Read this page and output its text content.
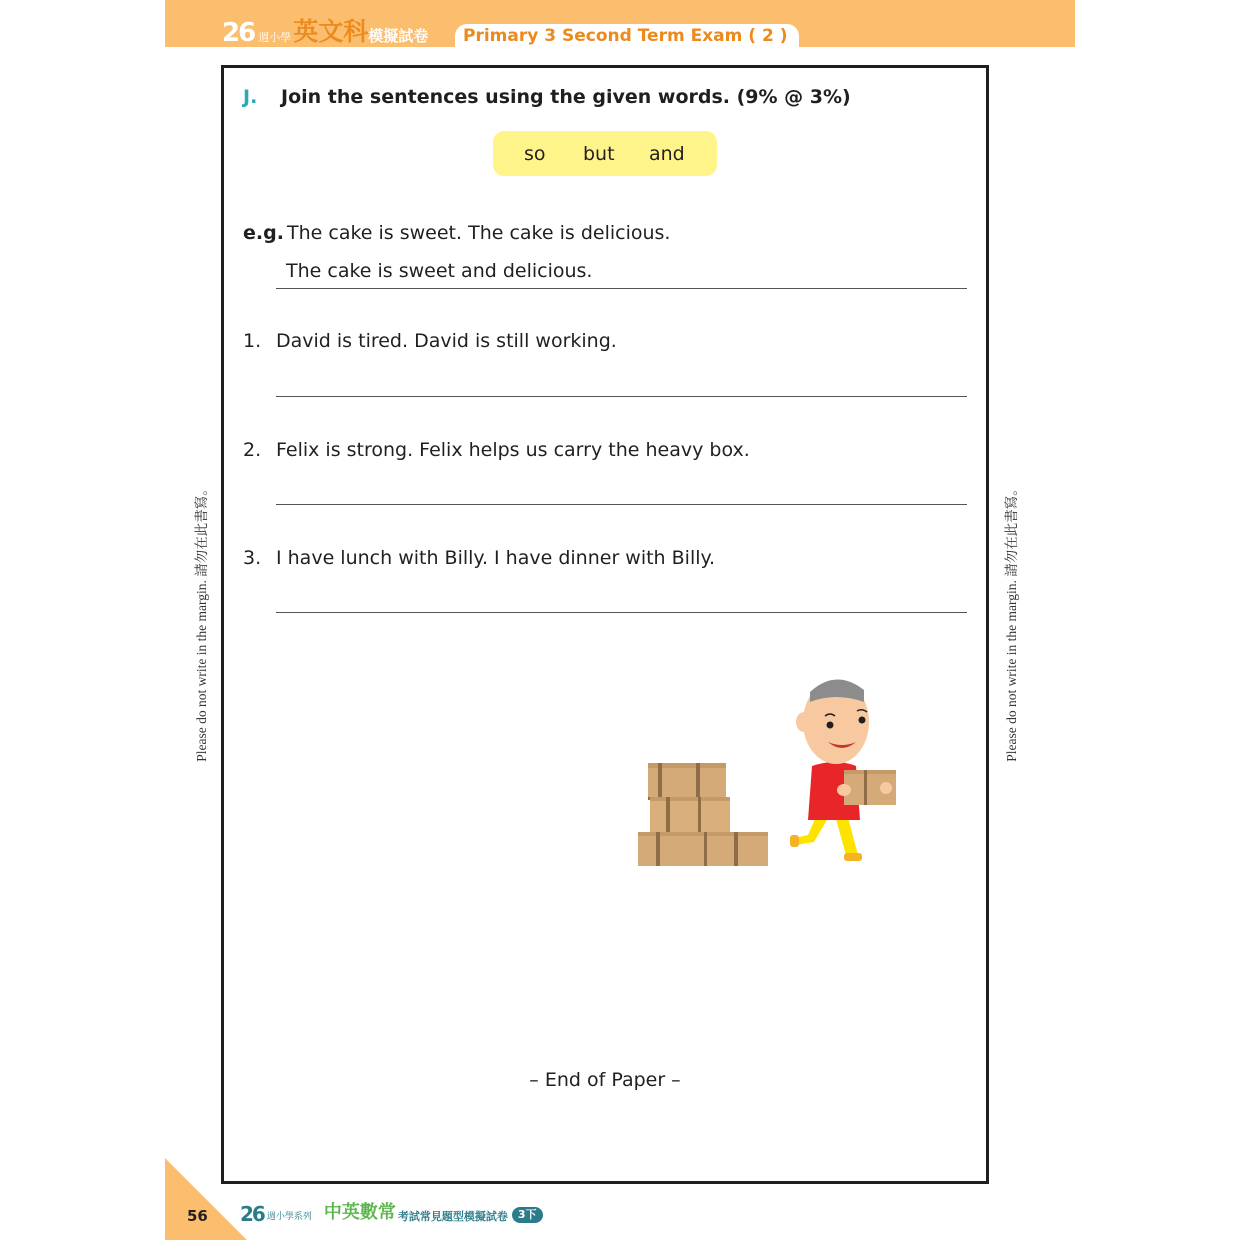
26 週小學 英文科 模擬試卷 Primary 3 Second Term Exam ( 2 )
Please do not write in the margin. 請勿在此書寫。	Please do not write in the margin. 請勿在此書寫。
J. Join the sentences using the given words. (9% @ 3%)
so but and
e.g. The cake is sweet. The cake is delicious.
The cake is sweet and delicious.
1. David is tired. David is still working.
2. Felix is strong. Felix helps us carry the heavy box.
3. I have lunch with Billy. I have dinner with Billy.
– End of Paper –
56 26 週小學系列 中英數常 考試常見題型模擬試卷 3下
